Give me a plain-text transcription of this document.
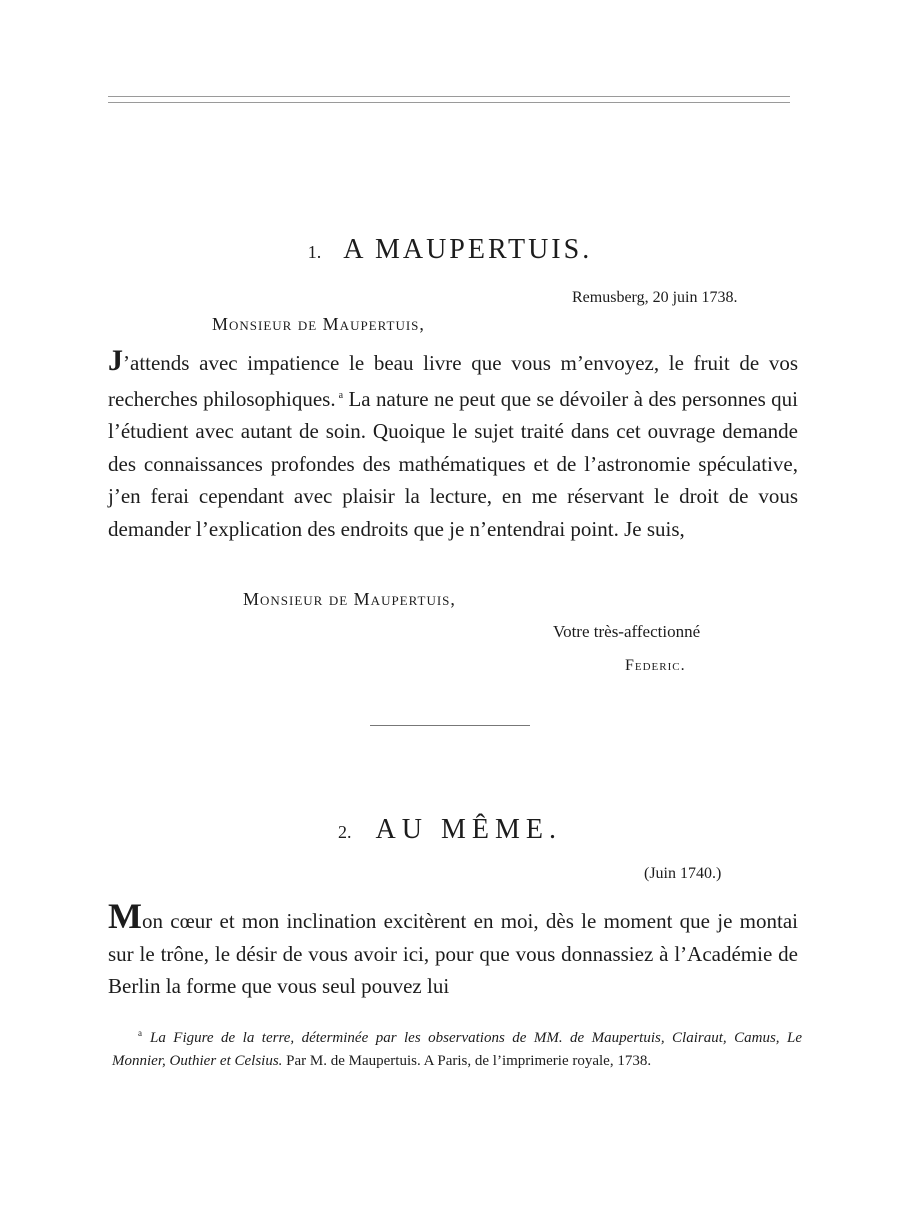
1. A MAUPERTUIS.
Remusberg, 20 juin 1738.
Monsieur de Maupertuis,
J’attends avec impatience le beau livre que vous m’envoyez, le fruit de vos recherches philosophiques. $^a$ La nature ne peut que se dévoiler à des personnes qui l’étudient avec autant de soin. Quoique le sujet traité dans cet ouvrage demande des connaissances profondes des mathématiques et de l’astronomie spéculative, j’en ferai cependant avec plaisir la lecture, en me réservant le droit de vous demander l’explication des endroits que je n’entendrai point. Je suis,
Monsieur de Maupertuis,
Votre très-affectionné
Federic.
2. AU MÊME.
(Juin 1740.)
Mon cœur et mon inclination excitèrent en moi, dès le moment que je montai sur le trône, le désir de vous avoir ici, pour que vous donnassiez à l’Académie de Berlin la forme que vous seul pouvez lui
$^a$ La Figure de la terre, déterminée par les observations de MM. de Maupertuis, Clairaut, Camus, Le Monnier, Outhier et Celsius. Par M. de Maupertuis. A Paris, de l’imprimerie royale, 1738.
